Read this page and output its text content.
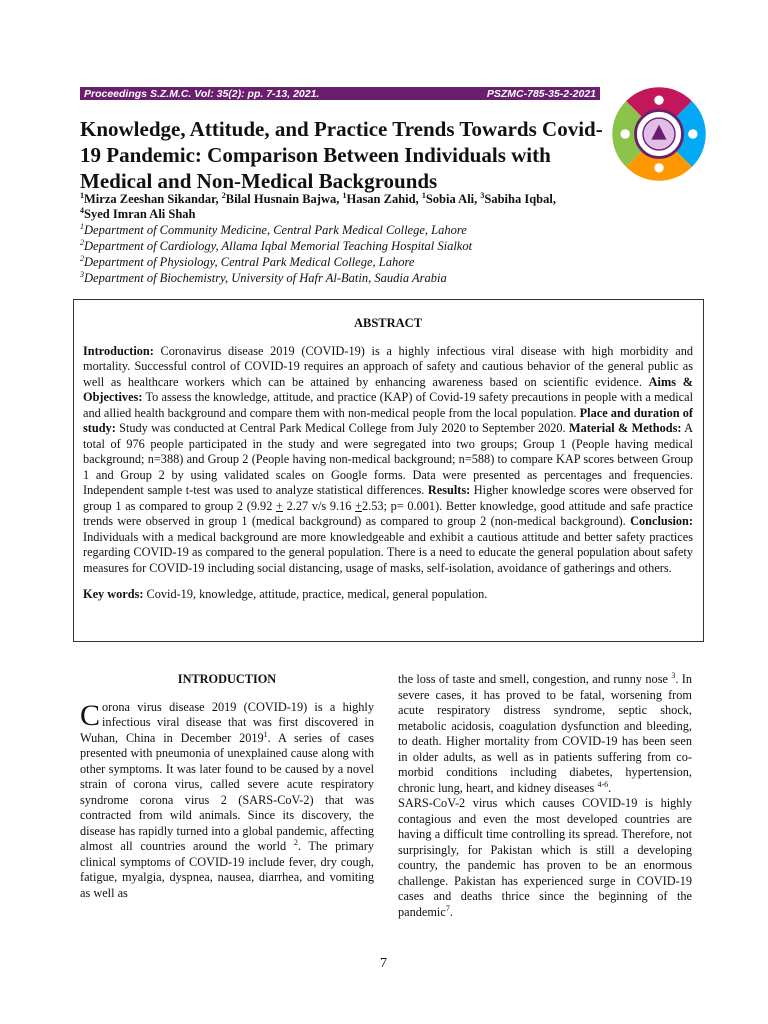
Proceedings S.Z.M.C. Vol: 35(2): pp. 7-13, 2021.	PSZMC-785-35-2-2021
Knowledge, Attitude, and Practice Trends Towards Covid-19 Pandemic: Comparison Between Individuals with Medical and Non-Medical Backgrounds
$^1$Mirza Zeeshan Sikandar, $^2$Bilal Husnain Bajwa, $^1$Hasan Zahid, $^1$Sobia Ali, $^3$Sabiha Iqbal,
$^4$Syed Imran Ali Shah
$^1$Department of Community Medicine, Central Park Medical College, Lahore
$^2$Department of Cardiology, Allama Iqbal Memorial Teaching Hospital Sialkot
$^2$Department of Physiology, Central Park Medical College, Lahore
$^3$Department of Biochemistry, University of Hafr Al-Batin, Saudia Arabia
ABSTRACT

Introduction: Coronavirus disease 2019 (COVID-19) is a highly infectious viral disease with high morbidity and mortality. Successful control of COVID-19 requires an approach of safety and cautious behavior of the general public as well as healthcare workers which can be attained by enhancing awareness based on scientific evidence. Aims & Objectives: To assess the knowledge, attitude, and practice (KAP) of Covid-19 safety precautions in people with a medical and allied health background and compare them with non-medical people from the local population. Place and duration of study: Study was conducted at Central Park Medical College from July 2020 to September 2020. Material & Methods: A total of 976 people participated in the study and were segregated into two groups; Group 1 (People having medical background; n=388) and Group 2 (People having non-medical background; n=588) to compare KAP scores between Group 1 and Group 2 by using validated scales on Google forms. Data were presented as percentages and frequencies. Independent sample t-test was used to analyze statistical differences. Results: Higher knowledge scores were observed for group 1 as compared to group 2 (9.92 + 2.27 v/s 9.16 +2.53; p= 0.001). Better knowledge, good attitude and safe practice trends were observed in group 1 (medical background) as compared to group 2 (non-medical background). Conclusion: Individuals with a medical background are more knowledgeable and exhibit a cautious attitude and better safety practices regarding COVID-19 as compared to the general population. There is a need to educate the general population about safety measures for COVID-19 including social distancing, usage of masks, self-isolation, avoidance of gatherings and others.

Key words: Covid-19, knowledge, attitude, practice, medical, general population.
INTRODUCTION

Corona virus disease 2019 (COVID-19) is a highly infectious viral disease that was first discovered in Wuhan, China in December 2019$^1$. A series of cases presented with pneumonia of unexplained cause along with other symptoms. It was later found to be caused by a novel strain of corona virus, called severe acute respiratory syndrome corona virus 2 (SARS-CoV-2) that was contracted from wild animals. Since its discovery, the disease has rapidly turned into a global pandemic, affecting almost all countries around the world $^2$. The primary clinical symptoms of COVID-19 include fever, dry cough, fatigue, myalgia, dyspnea, nausea, diarrhea, and vomiting as well as

the loss of taste and smell, congestion, and runny nose $^3$. In severe cases, it has proved to be fatal, worsening from acute respiratory distress syndrome, septic shock, metabolic acidosis, coagulation dysfunction and bleeding, to death. Higher mortality from COVID-19 has been seen in older adults, as well as in patients suffering from co-morbid conditions including diabetes, hypertension, chronic lung, heart, and kidney diseases $^{4-6}$.

SARS-CoV-2 virus which causes COVID-19 is highly contagious and even the most developed countries are having a difficult time controlling its spread. Therefore, not surprisingly, for Pakistan which is still a developing country, the pandemic has proven to be an enormous challenge. Pakistan has experienced surge in COVID-19 cases and deaths thrice since the beginning of the pandemic$^7$.

7
